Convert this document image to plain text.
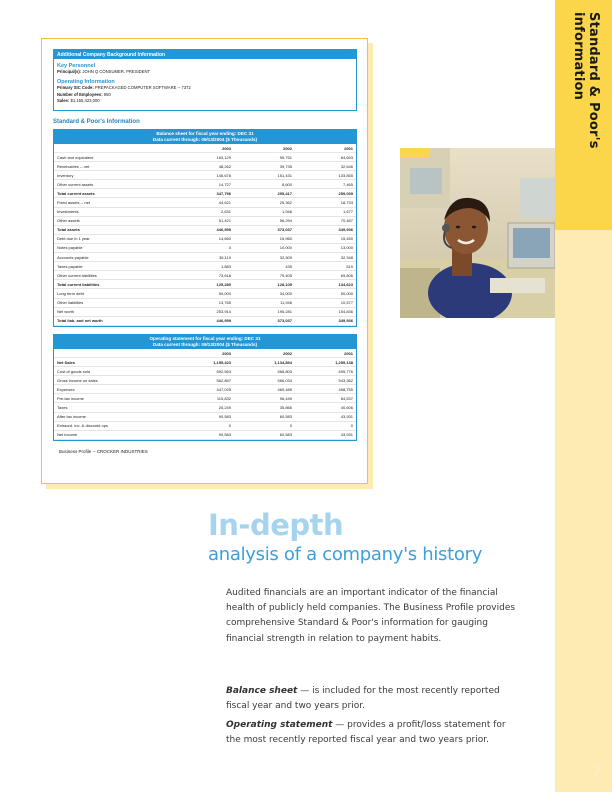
Standard & Poor's information
7
Additional Company Background Information
Key Personnel
Principal(s): JOHN Q CONSUMER, PRESIDENT
Operating Information
Primary SIC Code: PREPACKAGED COMPUTER SOFTWARE -- 7372
Number of Employees: 950
Sales: $1,155,423,000
Standard & Poor's Information
Balance sheet for fiscal year ending: DEC 31
Data current through: 09/13/2004 ($ Thousands)
2003	2002	2001
Cash and equivalent	163,129	95,751	84,693
Receivables -- net	48,262	39,735	32,646
Inventory	146,678	151,431	133,855
Other current assets	14,727	8,600	7,465
Total current assets	347,796	295,417	259,039
Fixed assets -- net	44,621	25,362	18,733
Investments	2,631	1,946	1,677
Other assets	51,421	56,294	70,487
Total assets	446,959	373,037	349,936
Debt due in 1 year	14,660	15,960	15,450
Notes payable	0	10,000	13,000
Accounts payable	35,119	32,309	32,348
Taxes payable	1,883	435	519
Other current liabilities	73,618	79,405	69,806
Total current liabilities	125,280	128,109	134,623
Long term debt	50,000	34,000	50,000
Other liabilities	13,765	11,946	10,577
Net worth	253,914	195,281	154,836
Total liab. and net worth	446,959	373,037	349,936
Operating statement for fiscal year ending: DEC 31
Data current through: 09/13/2004 ($ Thousands)
2003	2002	2001
Net Sales	1,155,423	1,134,894	1,259,138
Cost of goods sold	592,563	568,803	695,776
Gross income on sales	562,857	566,034	543,362
Expenses	447,025	469,485	458,755
Pre-tax income	115,832	96,449	84,537
Taxes	25,249	35,866	40,606
After tax income	90,583	60,583	43,931
Extraord. inc. & discontd ops	0	0	0
Net income	90,583	60,583	43,931
Business Profile -- CROCKER INDUSTRIES
In-depth
analysis of a company's history
Audited financials are an important indicator of the financial health of publicly held companies. The Business Profile provides comprehensive Standard & Poor's information for gauging financial strength in relation to payment habits.
Balance sheet — is included for the most recently reported fiscal year and two years prior.
Operating statement — provides a profit/loss statement for the most recently reported fiscal year and two years prior.
